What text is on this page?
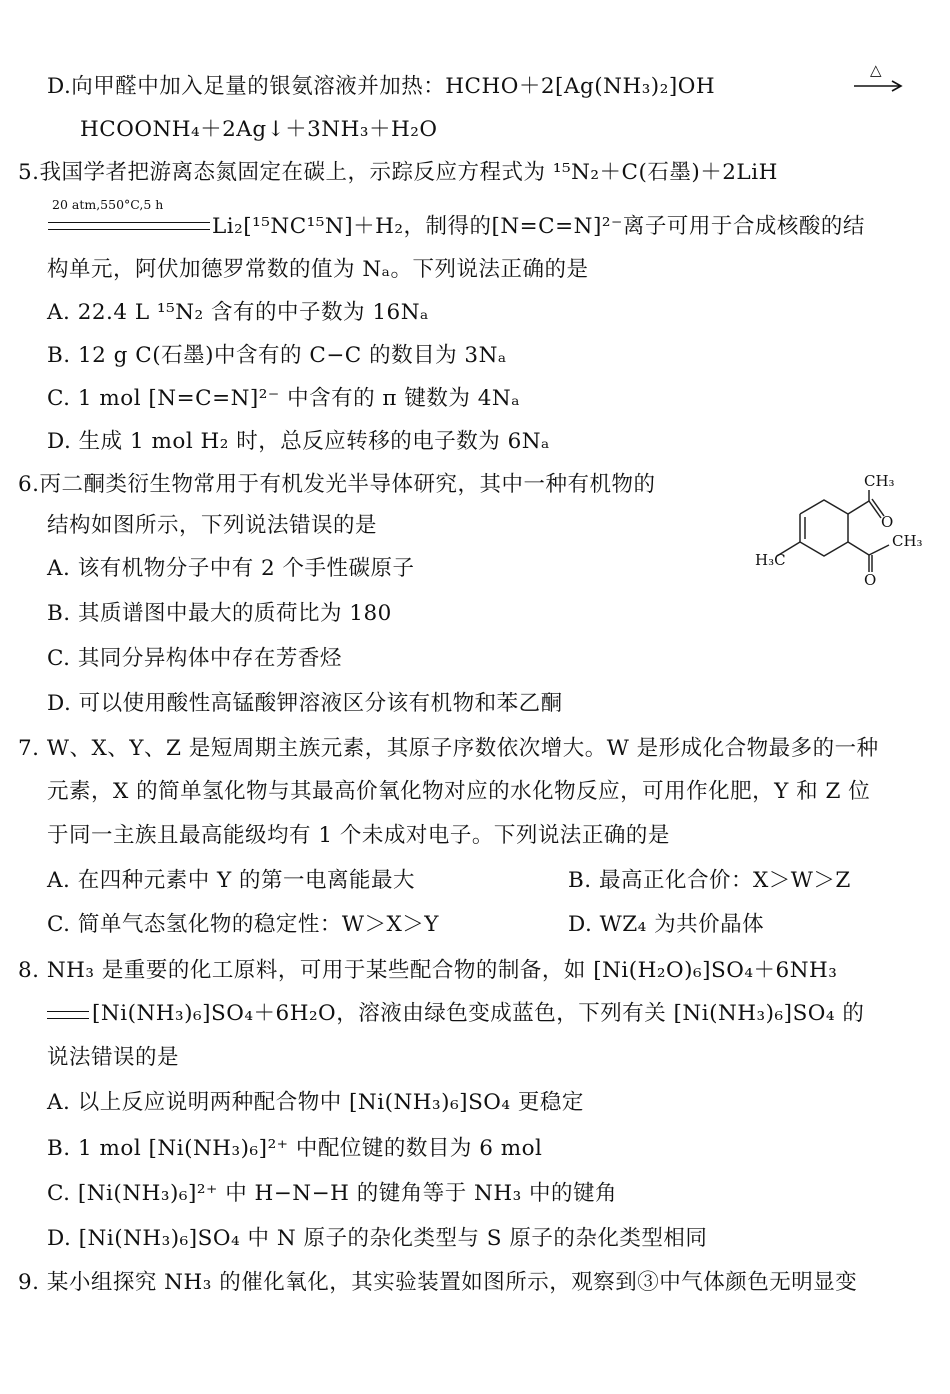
D.向甲醛中加入足量的银氨溶液并加热：HCHO＋2[Ag(NH₃)₂]OH
△
HCOONH₄＋2Ag↓＋3NH₃＋H₂O
5.我国学者把游离态氮固定在碳上，示踪反应方程式为 ¹⁵N₂＋C(石墨)＋2LiH
20 atm,550°C,5 h
Li₂[¹⁵NC¹⁵N]＋H₂，制得的[N=C=N]²⁻离子可用于合成核酸的结
构单元，阿伏加德罗常数的值为 Nₐ。下列说法正确的是
A. 22.4 L ¹⁵N₂ 含有的中子数为 16Nₐ
B. 12 g C(石墨)中含有的 C−C 的数目为 3Nₐ
C. 1 mol [N=C=N]²⁻ 中含有的 π 键数为 4Nₐ
D. 生成 1 mol H₂ 时，总反应转移的电子数为 6Nₐ
6.丙二酮类衍生物常用于有机发光半导体研究，其中一种有机物的
结构如图所示，下列说法错误的是
A. 该有机物分子中有 2 个手性碳原子
B. 其质谱图中最大的质荷比为 180
C. 其同分异构体中存在芳香烃
D. 可以使用酸性高锰酸钾溶液区分该有机物和苯乙酮
CH₃
O
CH₃
H₃C
O
7. W、X、Y、Z 是短周期主族元素，其原子序数依次增大。W 是形成化合物最多的一种
元素，X 的简单氢化物与其最高价氧化物对应的水化物反应，可用作化肥，Y 和 Z 位
于同一主族且最高能级均有 1 个未成对电子。下列说法正确的是
A. 在四种元素中 Y 的第一电离能最大	B. 最高正化合价：X＞W＞Z
C. 简单气态氢化物的稳定性：W＞X＞Y	D. WZ₄ 为共价晶体
8. NH₃ 是重要的化工原料，可用于某些配合物的制备，如 [Ni(H₂O)₆]SO₄＋6NH₃
[Ni(NH₃)₆]SO₄＋6H₂O，溶液由绿色变成蓝色，下列有关 [Ni(NH₃)₆]SO₄ 的
说法错误的是
A. 以上反应说明两种配合物中 [Ni(NH₃)₆]SO₄ 更稳定
B. 1 mol [Ni(NH₃)₆]²⁺ 中配位键的数目为 6 mol
C. [Ni(NH₃)₆]²⁺ 中 H−N−H 的键角等于 NH₃ 中的键角
D. [Ni(NH₃)₆]SO₄ 中 N 原子的杂化类型与 S 原子的杂化类型相同
9. 某小组探究 NH₃ 的催化氧化，其实验装置如图所示，观察到③中气体颜色无明显变
